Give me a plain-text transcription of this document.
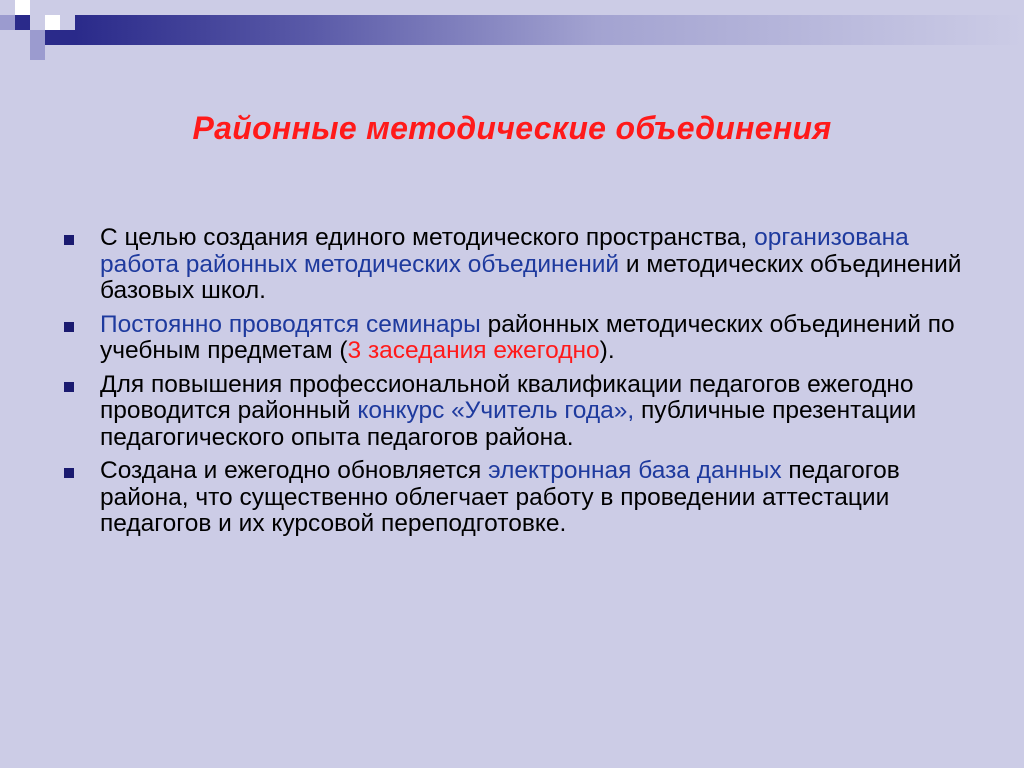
Районные методические объединения
С целью создания единого методического пространства, организована работа районных методических объединений и методических объединений базовых школ.
Постоянно проводятся семинары районных методических объединений по учебным предметам (3 заседания ежегодно).
Для повышения профессиональной квалификации педагогов ежегодно проводится районный конкурс «Учитель года», публичные презентации педагогического опыта педагогов района.
Создана и ежегодно обновляется электронная база данных педагогов района, что существенно облегчает работу в проведении аттестации педагогов и их курсовой переподготовке.
